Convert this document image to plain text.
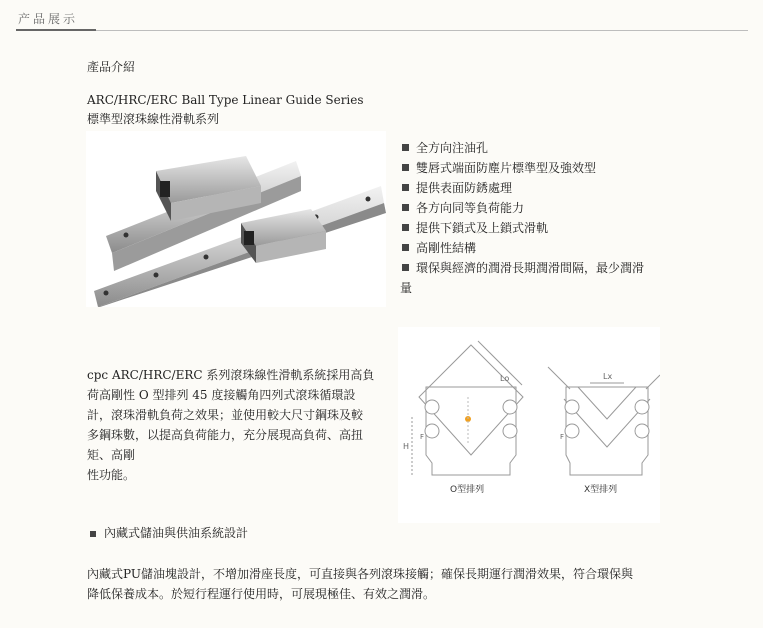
产品展示
產品介紹
ARC/HRC/ERC Ball Type Linear Guide Series
標準型滾珠線性滑軌系列
全方向注油孔
雙唇式端面防塵片標準型及強效型
提供表面防銹處理
各方向同等負荷能力
提供下鎖式及上鎖式滑軌
高剛性結構
環保與經濟的潤滑長期潤滑間隔，最少潤滑
量

cpc ARC/HRC/ERC 系列滾珠線性滑軌系統採用高負

荷高剛性 O 型排列 45 度接觸角四列式滾珠循環設

計，滾珠滑軌負荷之效果；並使用較大尺寸鋼珠及較

多鋼珠數，以提高負荷能力，充分展現高負荷、高扭

矩、高剛

性功能。

Lo	Lx
H
F	F
O型排列	X型排列
內藏式儲油與供油系統設計
內藏式PU儲油塊設計，不增加滑座長度，可直接與各列滾珠接觸；確保長期運行潤滑效果，符合環保與
降低保養成本。於短行程運行使用時，可展現極佳、有效之潤滑。
